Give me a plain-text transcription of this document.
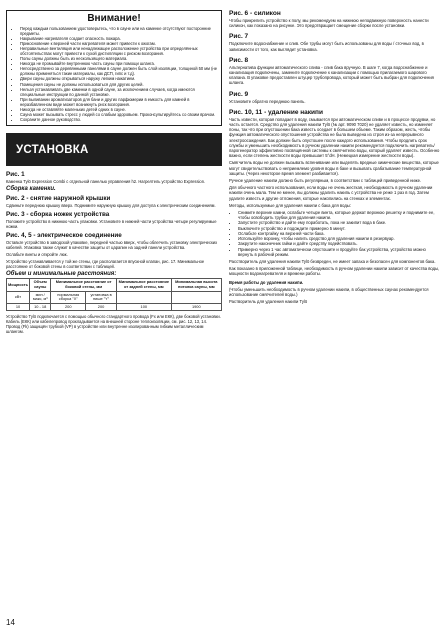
Внимание!
• Перед каждым пользованием удостоверьтесь, что в сауне или на каменке отсутствуют посторонние предметы.
• Накрывание нагревателя создает опасность пожара.
• Прикосновение к верхней части нагревателя может привести к ожогам.
• Неправильные вентиляция или ненадлежащее расположение устройства при определённых обстоятельствах могут привести к сухой дистилляции с риском возгорания.
• Полы сауны должны быть из нескользящего материала.
• Никогда не промывайте внутреннюю часть сауны при помощи шланга.
• Непосредственно за деревянными панелями в сауне должен быть слой изоляции, толщиной 50 мм (не должны применяться такие материалы, как ДСП, гипс и т.д).
• Двери сауны должны открываться наружу легким нажатием.
• Помещения сауны не должны использоваться для других целей.
• Нельзя устанавливать две каменки в одной сауне, за исключением случаев, когда имеются специальные инструкции по данной установке.
• При выливании ароматизаторов для бани и других парфюмерии в емкость для камней в неразбавленном виде может возникнуть риск возгорания.
• Никогда не оставляйте маленьких детей одних в сауне.
• Сауна может вызывать стресс у людей со слабым здоровьем. Проконсультируйтесь со своим врачом.
• Сохраните данное руководство.
УСТАНОВКА
Рис. 1

Каменка Tylö Expression Combi с отдельной панелью управления h2. Нагрелтель устройство Expression.

Сборка каменки.
Рис. 2 - снятие наружной крышки

Сдвиньте переднюю крышку вверх. Поднимите наружную крышку для доступа к электрическим соединениям.

Рис. 3 - сборка ножек устройства

Положите устройство в нижнюю часть упаковки. Установите в нижней части устройства четыре регулируемые ножки.

Рис. 4, 5 - электрическое соединение

Оставьте устройство в заводской упаковке, передней частью вверх, чтобы облегчить установку электрических кабелей. Упаковка также служит в качестве защиты от царапин на задней панели устройства.

Ослабьте винты и откройте люк.

Устройство устанавливается у той же стены, где располагается впускной клапан, рис. 17. Минимальное расстояние от боковой стены в соответствии с таблицей.

Объем и минимальные расстояния:
Мощность	Объем сауны	Минимальное расстояние от боковой стены, мм		Минимальное расстояние от задней стены, мм	Минимальная высота потолка сауны, мм
кВт	мин / макс, м³	нормальная сборка "X"	установка в нише "Y"		
10	10 - 18	200	200	100	1900

Устройство Tylö подключается с помощью обычного стандартного провода (Fх или ЕКК), две боковой установки. Кабель (ЕКК) или кабелепровод прокладывается на внешней стороне теплоизоляции, см. рис. 12, 13, 14. Провод (Fk) защищён трубкой (VP) в устройстве или внутренне изолированным гибким металлическим шлангом.

Рис. 6 - силикон

Чтобы прикрепить устройство к полу, мы рекомендуем на нижнюю неподвижную поверхность нанести силикон, как показано на рисунке. Это предотвращает смещение сборки после установки.

Рис. 7

Подключите водоснабжение и слив. Обе трубы могут быть использованы для воды / сточных вод, в зависимости от того, как выглядит установка.

Рис. 8

Альтернатива функции автоматического слива - слив бака вручную. В шаге 7, когда водоснабжение и канализация подключены, замените подключение к канализации с помощью прилагаемого шарового клапана. В упаковке предоставлен штуцер трубопровода, который может быть выбран для подключения шланга.

Рис. 9

Установите обратно переднюю панель.

Рис. 10, 11 - удаление накипи

Часть извести, которая попадает в воду, смывается при автоматическом сливе и в процессе продувки, но часть остается. Средство для удаления накипи Tylö (№ арт. 9090 7020) не удаляет известь, но изменяет поны, так что при опустошении бака известь оседает в большем объеме. Таким образом, жесть, чтобы функция автоматического опустошения устройства не была выведена из строя из-за непрерывного электроосаждения. Бак должен быть опустошен после каждого использования. Чтобы продлить срок службы и уменьшить необходимость в ручном удалении накипи рекомендуется подключить нагреватель/парогенератор эффективно посвящённой системы к смягчителю воды, который удаляет известь. Особенно важно, если степень жесткости воды превышает 5°dH. (Немецкая измерение жесткости воды).

Смягчитель воды не должен вызывать вспенивание или выделять вредные химические вещества, которые могут свидетельствовать о неприемлемо уровня воды в баке и вызывать срабатывание температурной защиты. (Через некоторое время элемент разбивается).

Ручное удаление накипи должно быть регулярным, в соответствии с таблицей приведенной ниже.

Для обычного частного использования, если воды не очень жесткая, необходимость в ручном удалении накипи очень мала. Тем не менее, вы должны удалить накипь с устройства не реже 1 раз в год. Затем удалите известь и другие отложения, которые накопились на стенках и элементах.

Методы, используемые для удаления накипи с бака для воды:

• Снимите верхние камни, ослабьте четыре винта, которые держат верхнюю решетку и поднимите ее, чтобы освободить трубки для удаления накипи.
• Запустите устройство и дайте ему поработать, пока не закипит вода в баке.
• Выключите устройство и подождите примерно 5 минут.
• Ослабьте контргайку на верхней части бака.
• Используйте воронку, чтобы налить средство для удаления накипи в резервуар.
• Закрутите наконечник гайки и дайте средству подействовать.
• Примерно через 1 час автоматически опустошите и продуйте бак устройства, устройство можно вернуть в рабочий режим.

Расстворитель для удаления накипи Tylö безвреден, не имеет запаха и безопасен для компонентов бака.

Как показано в приложенной таблице, необходимость в ручном удалении накипи зависит от качества воды, мощности водонагревателя и времени работы.

Время работы до удаления накипи.

(Чтобы уменьшить необходимость в ручном удалении накипи, в общественных саунах рекомендуется использование смягчителей воды.)

Растворитель для удаления накипи Tylö

14
